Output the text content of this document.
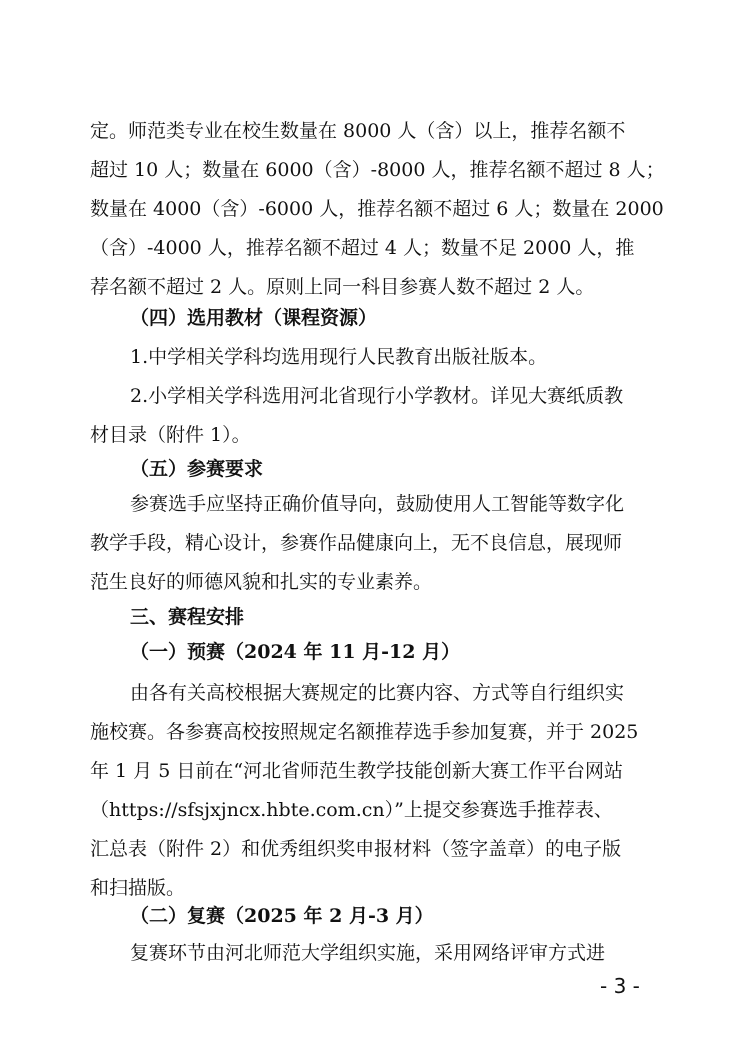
定。师范类专业在校生数量在 8000 人（含）以上，推荐名额不
超过 10 人；数量在 6000（含）-8000 人，推荐名额不超过 8 人；
数量在 4000（含）-6000 人，推荐名额不超过 6 人；数量在 2000
（含）-4000 人，推荐名额不超过 4 人；数量不足 2000 人，推
荐名额不超过 2 人。原则上同一科目参赛人数不超过 2 人。
（四）选用教材（课程资源）
1.中学相关学科均选用现行人民教育出版社版本。
2.小学相关学科选用河北省现行小学教材。详见大赛纸质教
材目录（附件 1）。
（五）参赛要求
参赛选手应坚持正确价值导向，鼓励使用人工智能等数字化
教学手段，精心设计，参赛作品健康向上，无不良信息，展现师
范生良好的师德风貌和扎实的专业素养。
三、赛程安排
（一）预赛（2024 年 11 月-12 月）
由各有关高校根据大赛规定的比赛内容、方式等自行组织实
施校赛。各参赛高校按照规定名额推荐选手参加复赛，并于 2025
年 1 月 5 日前在“河北省师范生教学技能创新大赛工作平台网站
（https://sfsjxjncx.hbte.com.cn）”上提交参赛选手推荐表、
汇总表（附件 2）和优秀组织奖申报材料（签字盖章）的电子版
和扫描版。
（二）复赛（2025 年 2 月-3 月）
复赛环节由河北师范大学组织实施，采用网络评审方式进
- 3 -
